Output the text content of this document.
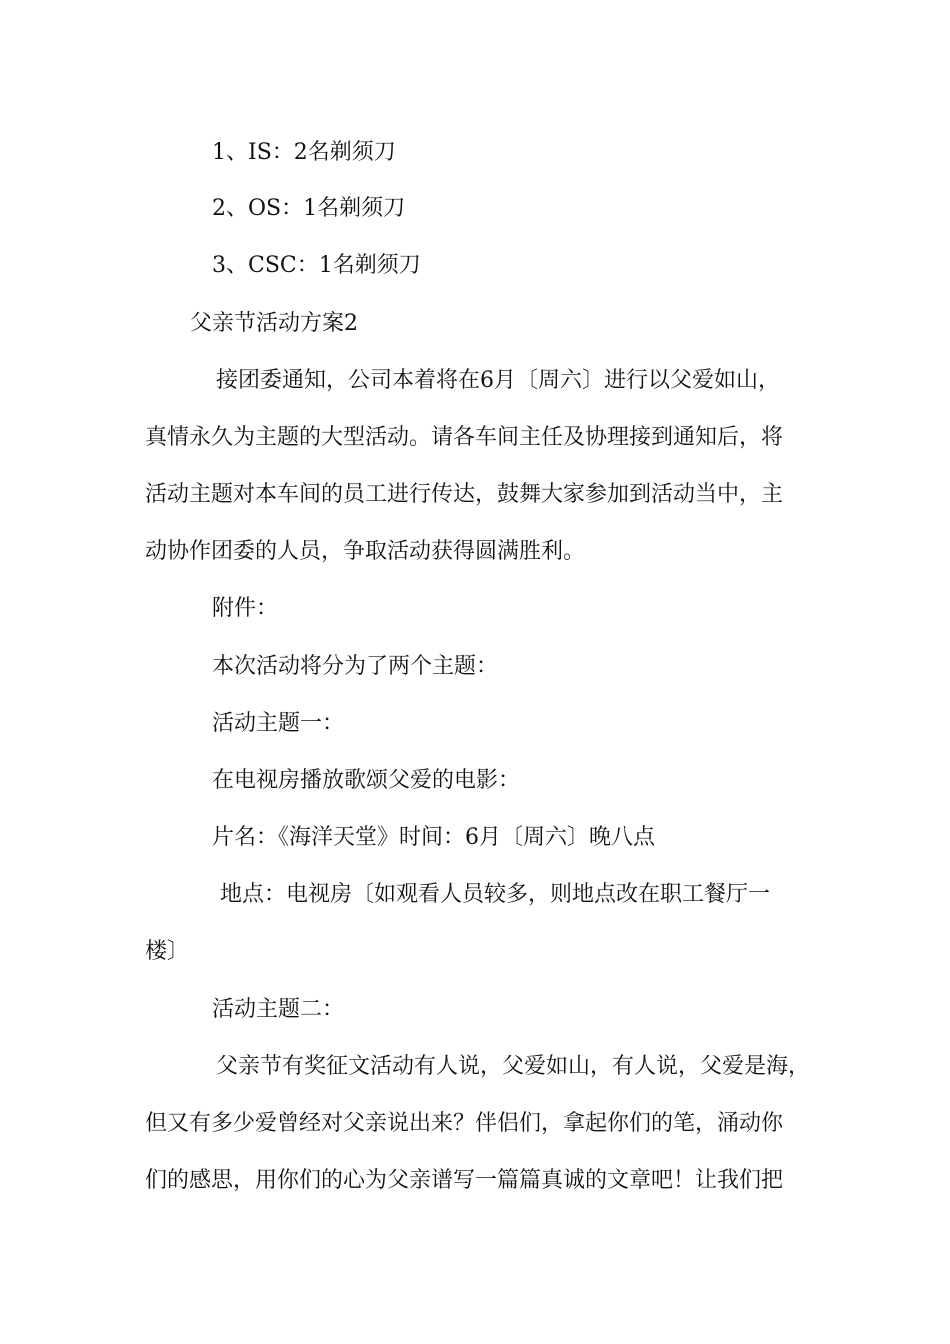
1、IS：2名剃须刀

2、OS：1名剃须刀

3、CSC：1名剃须刀

父亲节活动方案2

接团委通知，公司本着将在6月〔周六〕进行以父爱如山，

真情永久为主题的大型活动。请各车间主任及协理接到通知后，将

活动主题对本车间的员工进行传达，鼓舞大家参加到活动当中，主

动协作团委的人员，争取活动获得圆满胜利。

附件：

本次活动将分为了两个主题：

活动主题一：

在电视房播放歌颂父爱的电影：

片名：《海洋天堂》时间：6月〔周六〕晚八点

地点：电视房〔如观看人员较多，则地点改在职工餐厅一

楼〕

活动主题二：

父亲节有奖征文活动有人说，父爱如山，有人说，父爱是海，

但又有多少爱曾经对父亲说出来？伴侣们，拿起你们的笔，涌动你

们的感思，用你们的心为父亲谱写一篇篇真诚的文章吧！让我们把
